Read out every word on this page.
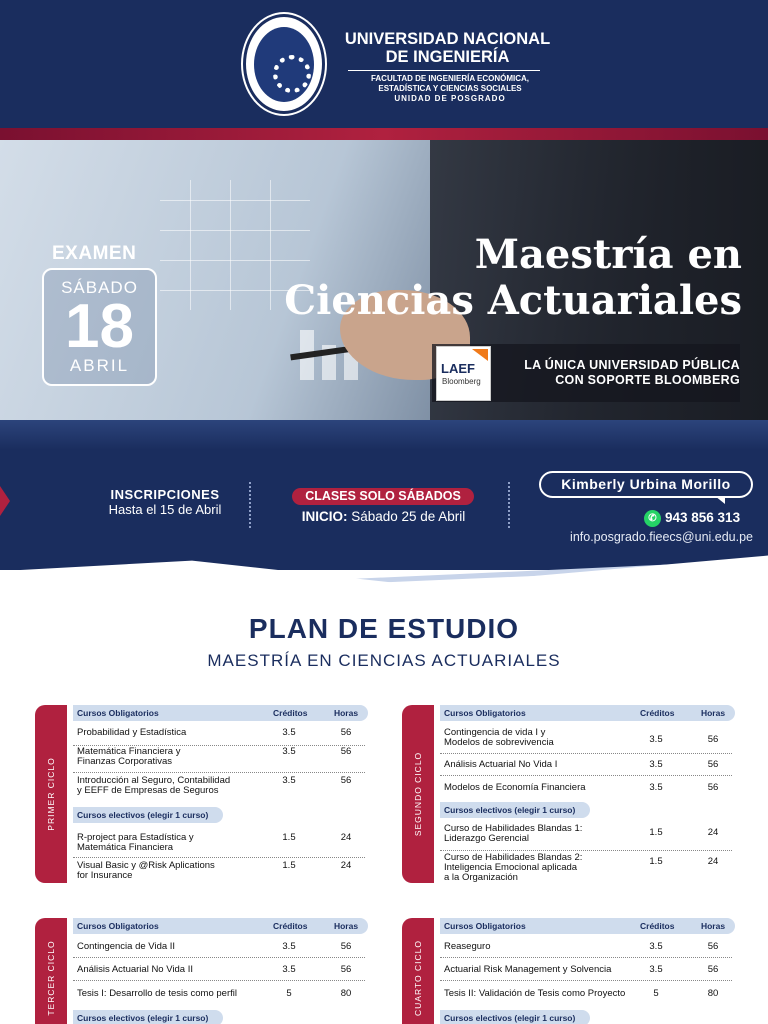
UNIVERSIDAD NACIONAL
DE INGENIERÍA
FACULTAD DE INGENIERÍA ECONÓMICA,
ESTADÍSTICA Y CIENCIAS SOCIALES
UNIDAD DE POSGRADO
EXAMEN
SÁBADO
18
ABRIL
Maestría en
Ciencias Actuariales
LAEF
Bloomberg
LA ÚNICA UNIVERSIDAD PÚBLICA
CON SOPORTE BLOOMBERG
INSCRIPCIONES
Hasta el 15 de Abril
CLASES SOLO SÁBADOS
INICIO: Sábado 25 de Abril
Kimberly Urbina Morillo
✆ 943 856 313
info.posgrado.fieecs@uni.edu.pe
PLAN DE ESTUDIO
MAESTRÍA EN CIENCIAS ACTUARIALES
PRIMER CICLO
Cursos Obligatorios	Créditos	Horas
Probabilidad y Estadística	3.5	56
Matemática Financiera y
Finanzas Corporativas
3.5	56
Introducción al Seguro, Contabilidad
y EEFF de Empresas de Seguros
3.5	56
Cursos electivos (elegir 1 curso)
R-project para Estadística y
Matemática Financiera
1.5	24
Visual Basic y @Risk Aplications
for Insurance
1.5	24
SEGUNDO CICLO
Cursos Obligatorios	Créditos	Horas
Contingencia de vida I y
Modelos de sobrevivencia	3.5	56
Análisis Actuarial No Vida I	3.5	56
Modelos de Economía Financiera	3.5	56
Cursos electivos (elegir 1 curso)
Curso de Habilidades Blandas 1:
Liderazgo Gerencial
1.5	24
Curso de Habilidades Blandas 2:
Inteligencia Emocional aplicada
a la Organización
1.5	24
TERCER CICLO
Cursos Obligatorios	Créditos	Horas
Contingencia de Vida II	3.5	56
Análisis Actuarial No Vida II	3.5	56
Tesis I: Desarrollo de tesis como perfil	5	80
Cursos electivos (elegir 1 curso)
CUARTO CICLO
Cursos Obligatorios	Créditos	Horas
Reaseguro	3.5	56
Actuarial Risk Management y Solvencia	3.5	56
Tesis II: Validación de Tesis como Proyecto	5	80
Cursos electivos (elegir 1 curso)
